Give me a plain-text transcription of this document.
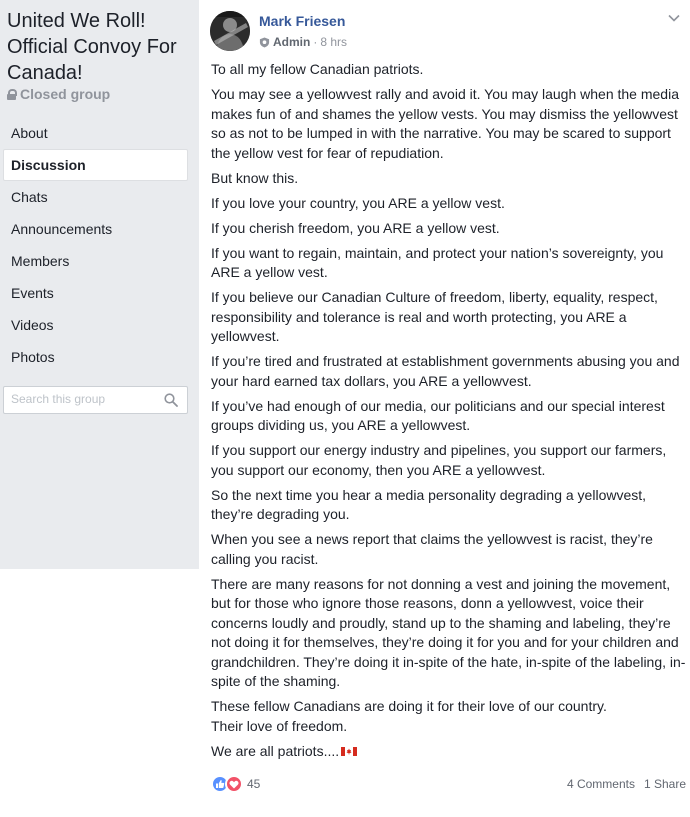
United We Roll! Official Convoy For Canada!
Closed group
About
Discussion
Chats
Announcements
Members
Events
Videos
Photos
Search this group
Mark Friesen
Admin · 8 hrs

To all my fellow Canadian patriots.

You may see a yellowvest rally and avoid it. You may laugh when the media makes fun of and shames the yellow vests. You may dismiss the yellowvest so as not to be lumped in with the narrative. You may be scared to support the yellow vest for fear of repudiation.

But know this.

If you love your country, you ARE a yellow vest.

If you cherish freedom, you ARE a yellow vest.

If you want to regain, maintain, and protect your nation’s sovereignty, you ARE a yellow vest.

If you believe our Canadian Culture of freedom, liberty, equality, respect, responsibility and tolerance is real and worth protecting, you ARE a yellowvest.

If you’re tired and frustrated at establishment governments abusing you and your hard earned tax dollars, you ARE a yellowvest.

If you’ve had enough of our media, our politicians and our special interest groups dividing us, you ARE a yellowvest.

If you support our energy industry and pipelines, you support our farmers, you support our economy, then you ARE a yellowvest.

So the next time you hear a media personality degrading a yellowvest, they’re degrading you.

When you see a news report that claims the yellowvest is racist, they’re calling you racist.

There are many reasons for not donning a vest and joining the movement, but for those who ignore those reasons, donn a yellowvest, voice their concerns loudly and proudly, stand up to the shaming and labeling, they’re not doing it for themselves, they’re doing it for you and for your children and grandchildren. They’re doing it in-spite of the hate, in-spite of the labeling, in-spite of the shaming.

These fellow Canadians are doing it for their love of our country.
Their love of freedom.

We are all patriots....

45	4 Comments 1 Share
